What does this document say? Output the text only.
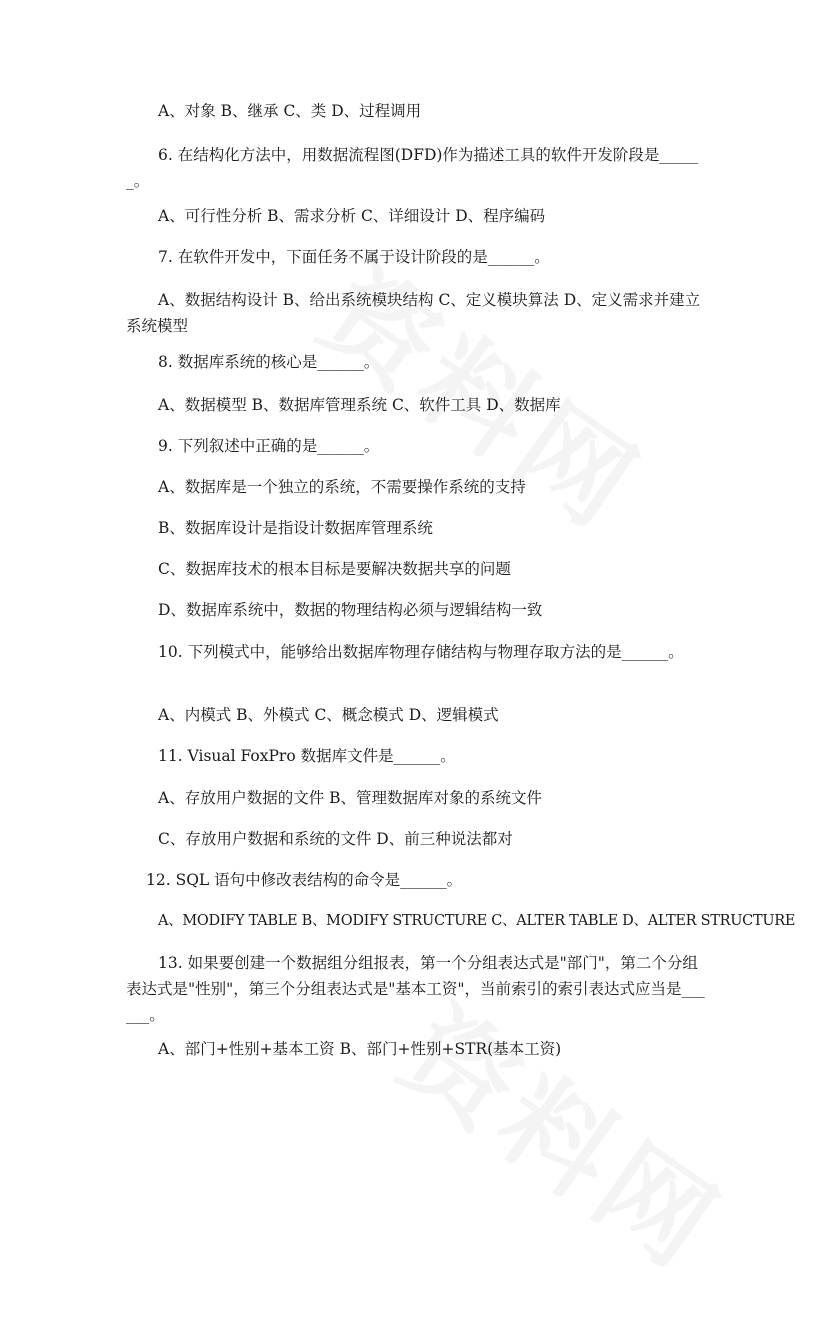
A、对象 B、继承 C、类 D、过程调用
6. 在结构化方法中，用数据流程图(DFD)作为描述工具的软件开发阶段是______。
A、可行性分析 B、需求分析 C、详细设计 D、程序编码
7. 在软件开发中，下面任务不属于设计阶段的是______。
A、数据结构设计 B、给出系统模块结构 C、定义模块算法 D、定义需求并建立系统模型
8. 数据库系统的核心是______。
A、数据模型 B、数据库管理系统 C、软件工具 D、数据库
9. 下列叙述中正确的是______。
A、数据库是一个独立的系统，不需要操作系统的支持
B、数据库设计是指设计数据库管理系统
C、数据库技术的根本目标是要解决数据共享的问题
D、数据库系统中，数据的物理结构必须与逻辑结构一致
10. 下列模式中，能够给出数据库物理存储结构与物理存取方法的是______。
A、内模式 B、外模式 C、概念模式 D、逻辑模式
11. Visual FoxPro 数据库文件是______。
A、存放用户数据的文件 B、管理数据库对象的系统文件
C、存放用户数据和系统的文件 D、前三种说法都对
12. SQL 语句中修改表结构的命令是______。
A、MODIFY TABLE B、MODIFY STRUCTURE C、ALTER TABLE D、ALTER STRUCTURE
13. 如果要创建一个数据组分组报表，第一个分组表达式是"部门"，第二个分组表达式是"性别"，第三个分组表达式是"基本工资"，当前索引的索引表达式应当是______。
A、部门+性别+基本工资 B、部门+性别+STR(基本工资)
